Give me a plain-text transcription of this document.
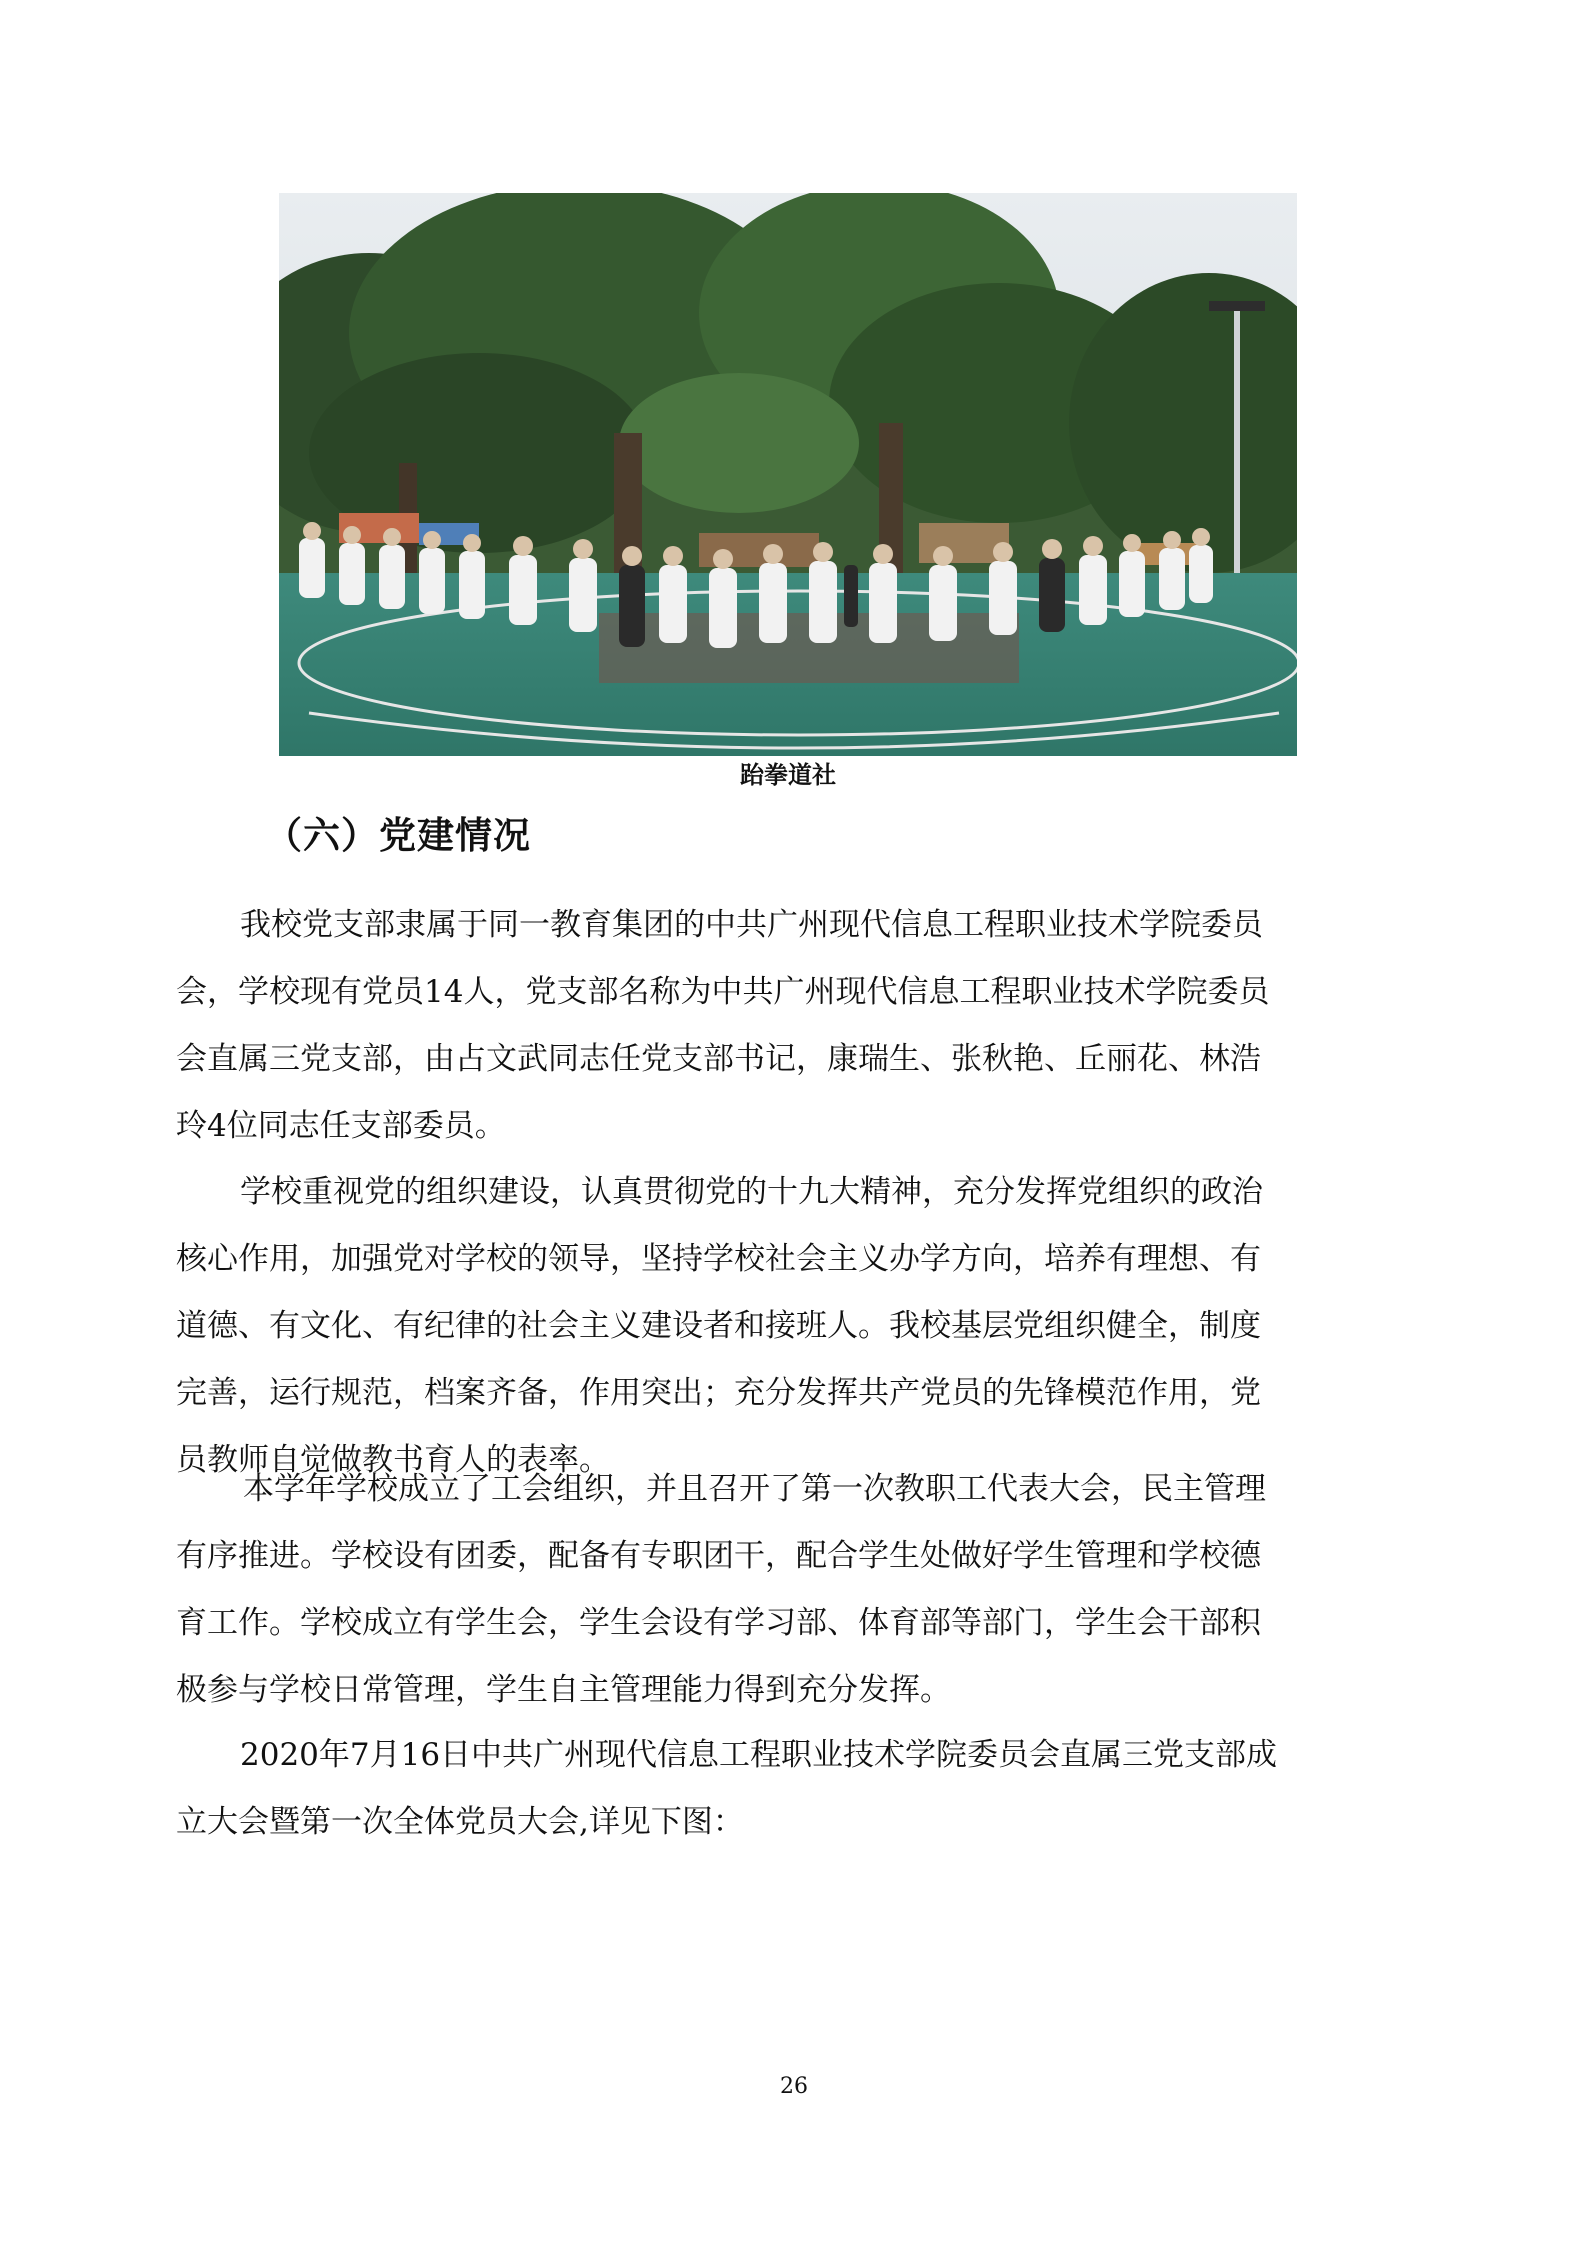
跆拳道社
（六）党建情况
我校党支部隶属于同一教育集团的中共广州现代信息工程职业技术学院委员
会，学校现有党员14人，党支部名称为中共广州现代信息工程职业技术学院委员
会直属三党支部，由占文武同志任党支部书记，康瑞生、张秋艳、丘丽花、林浩
玲4位同志任支部委员。
学校重视党的组织建设，认真贯彻党的十九大精神，充分发挥党组织的政治
核心作用，加强党对学校的领导，坚持学校社会主义办学方向，培养有理想、有
道德、有文化、有纪律的社会主义建设者和接班人。我校基层党组织健全，制度
完善，运行规范，档案齐备，作用突出；充分发挥共产党员的先锋模范作用，党
员教师自觉做教书育人的表率。
本学年学校成立了工会组织，并且召开了第一次教职工代表大会，民主管理
有序推进。学校设有团委，配备有专职团干，配合学生处做好学生管理和学校德
育工作。学校成立有学生会，学生会设有学习部、体育部等部门，学生会干部积
极参与学校日常管理，学生自主管理能力得到充分发挥。
2020年7月16日中共广州现代信息工程职业技术学院委员会直属三党支部成
立大会暨第一次全体党员大会,详见下图：
26
